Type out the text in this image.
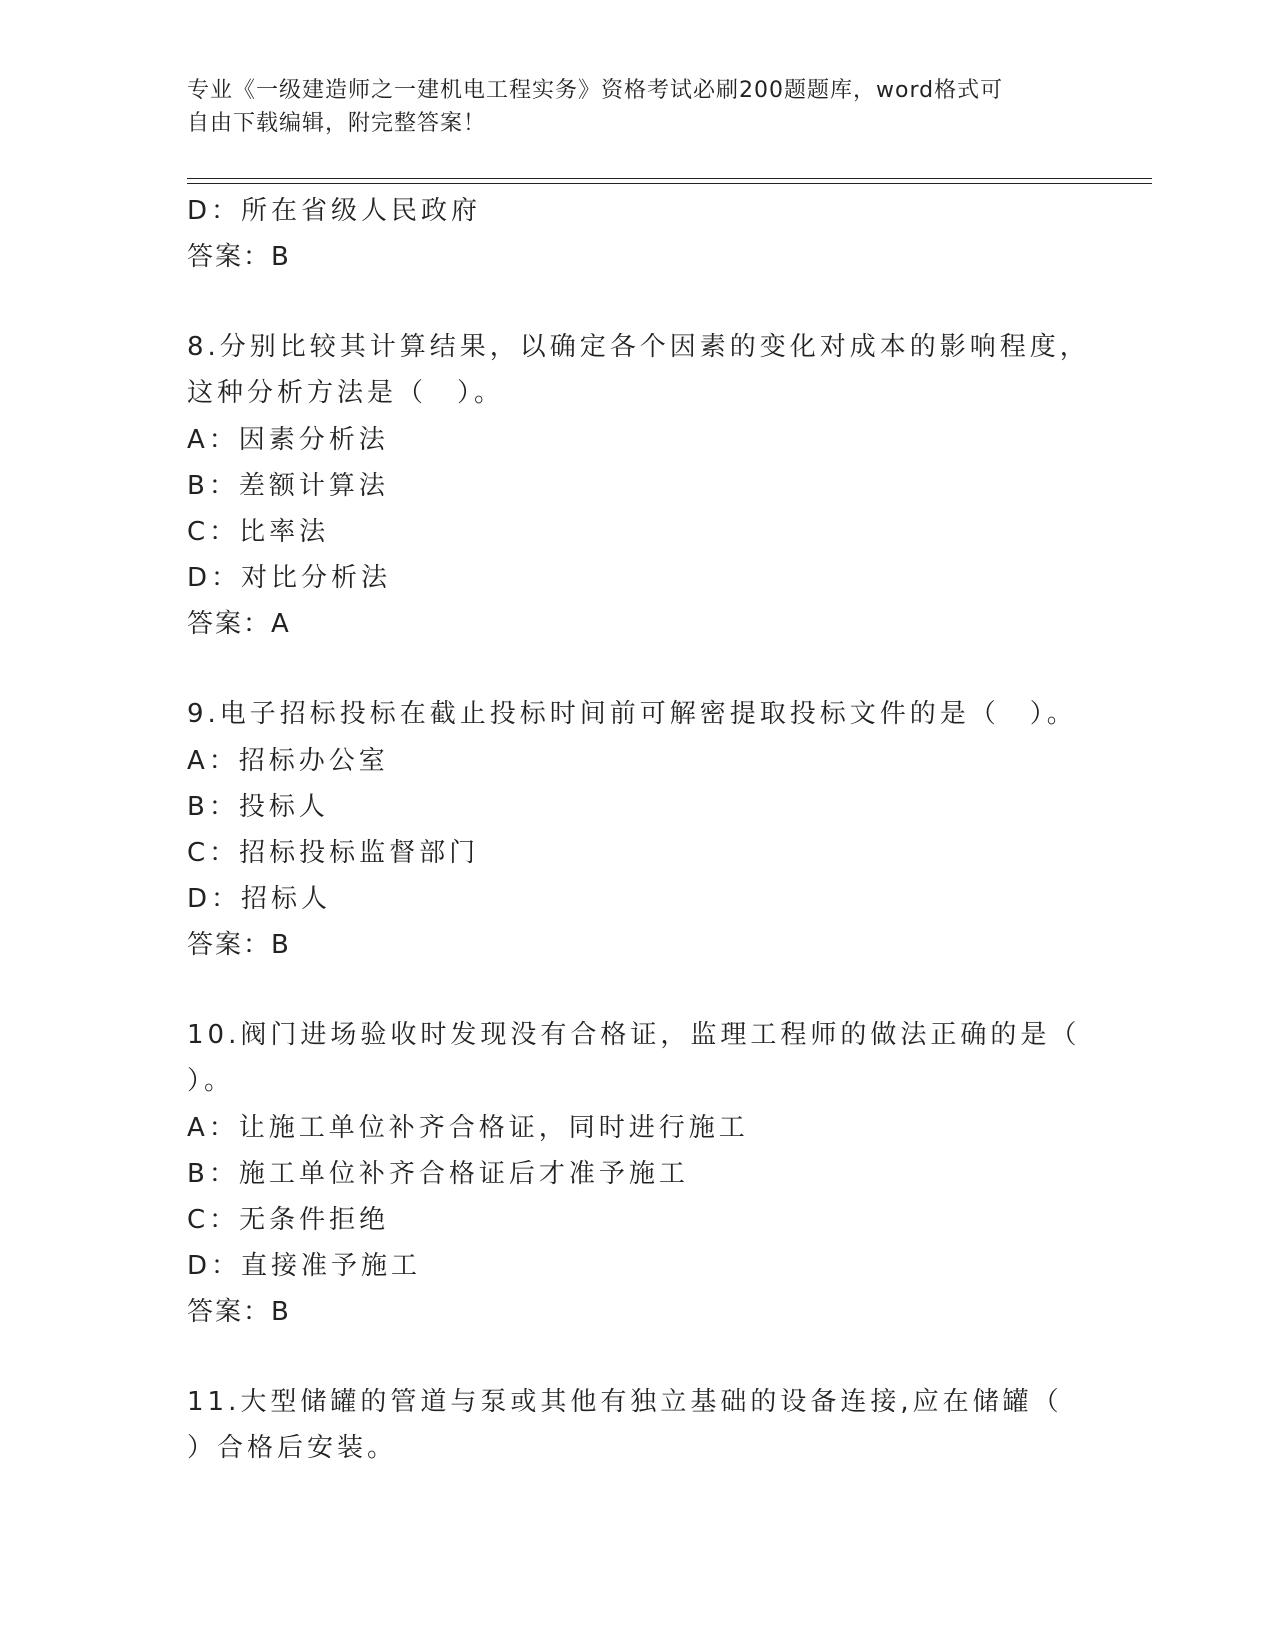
专业《一级建造师之一建机电工程实务》资格考试必刷200题题库，word格式可
自由下载编辑，附完整答案！
D：所在省级人民政府
答案：B
8.分别比较其计算结果，以确定各个因素的变化对成本的影响程度，
这种分析方法是（　）。
A：因素分析法
B：差额计算法
C：比率法
D：对比分析法
答案：A
9.电子招标投标在截止投标时间前可解密提取投标文件的是（　）。
A：招标办公室
B：投标人
C：招标投标监督部门
D：招标人
答案：B
10.阀门进场验收时发现没有合格证，监理工程师的做法正确的是（
）。
A：让施工单位补齐合格证，同时进行施工
B：施工单位补齐合格证后才准予施工
C：无条件拒绝
D：直接准予施工
答案：B
11.大型储罐的管道与泵或其他有独立基础的设备连接,应在储罐（
）合格后安装。
